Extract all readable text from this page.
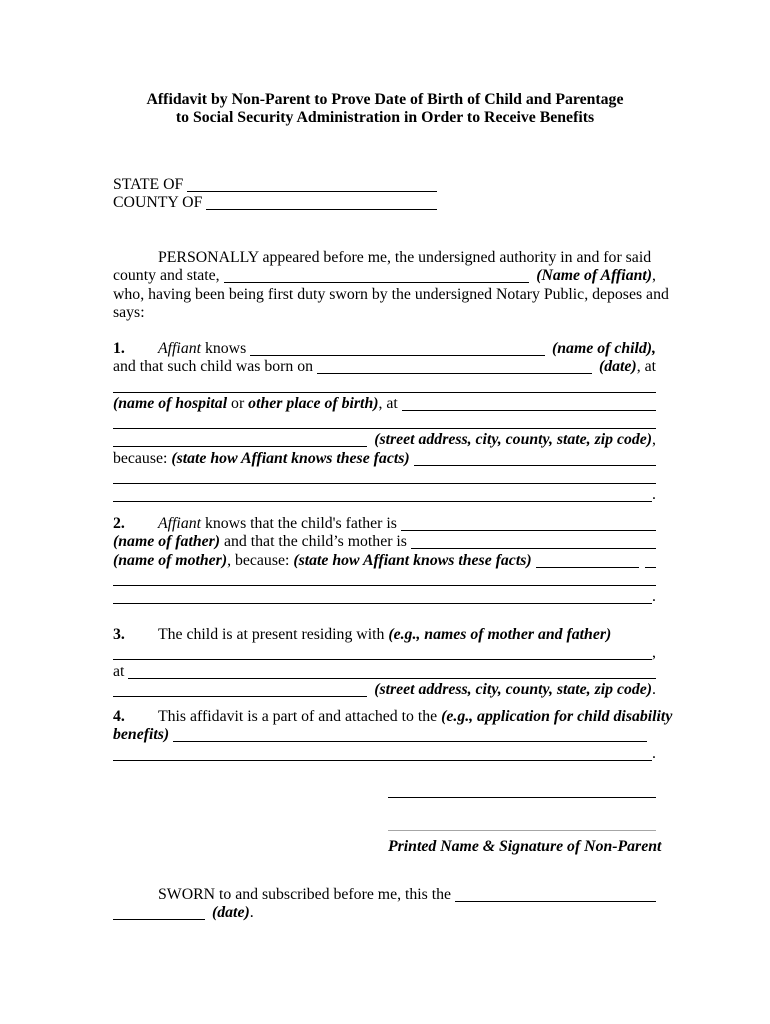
Affidavit by Non-Parent to Prove Date of Birth of Child and Parentage
to Social Security Administration in Order to Receive Benefits
​ STATE OF
​ COUNTY OF
​ PERSONALLY appeared before me, the undersigned authority in and for said
​ county and state,	(Name of Affiant) ,
​ who, having been being first duty sworn by the undersigned Notary Public, deposes and
​ says:
​ 1.	Affiant knows	(name of child),
​ and that such child was born on	(date) , at
​
​ (name of hospital or other place of birth) , at
​
​ (street address, city, county, state, zip code) ,
​ because: (state how Affiant knows these facts)
​
​ .
​ 2.	Affiant knows that the child's father is
​ (name of father) and that the child’s mother is
​ (name of mother) , because: (state how Affiant knows these facts)
​
​ .
​ 3.	The child is at present residing with (e.g., names of mother and father)
​ ,
​ at
​ (street address, city, county, state, zip code) .
​ 4.	This affidavit is a part of and attached to the (e.g., application for child disability
​ benefits)
​ .
​
​
Printed Name & Signature of Non-Parent
​ SWORN to and subscribed before me, this the
​ (date) .
